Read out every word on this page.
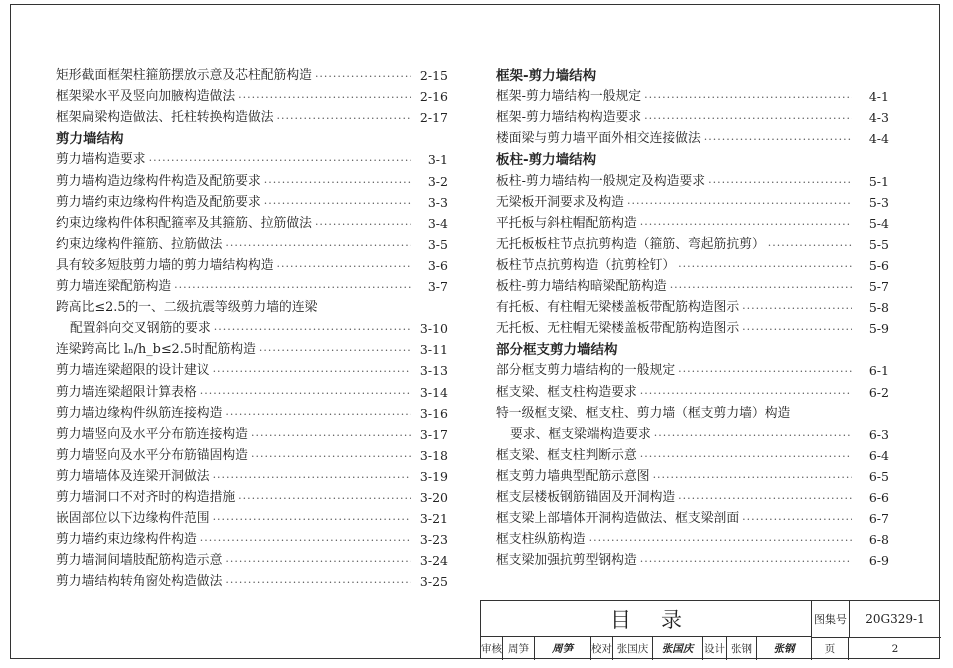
矩形截面框架柱箍筋摆放示意及芯柱配筋构造 ·····	2-15
框架梁水平及竖向加腋构造做法 ·····	2-16
框架扁梁构造做法、托柱转换构造做法 ·····	2-17
剪力墙结构
剪力墙构造要求 ·····	3-1
剪力墙构造边缘构件构造及配筋要求 ·····	3-2
剪力墙约束边缘构件构造及配筋要求 ·····	3-3
约束边缘构件体积配箍率及其箍筋、拉筋做法 ·····	3-4
约束边缘构件箍筋、拉筋做法 ·····	3-5
具有较多短肢剪力墙的剪力墙结构构造 ·····	3-6
剪力墙连梁配筋构造 ·····	3-7
跨高比≤2.5的一、二级抗震等级剪力墙的连梁
配置斜向交叉钢筋的要求 ·····	3-10
连梁跨高比 lₙ/h_b≤2.5时配筋构造 ·····	3-11
剪力墙连梁超限的设计建议 ·····	3-13
剪力墙连梁超限计算表格 ·····	3-14
剪力墙边缘构件纵筋连接构造 ·····	3-16
剪力墙竖向及水平分布筋连接构造 ·····	3-17
剪力墙竖向及水平分布筋锚固构造 ·····	3-18
剪力墙墙体及连梁开洞做法 ·····	3-19
剪力墙洞口不对齐时的构造措施 ·····	3-20
嵌固部位以下边缘构件范围 ·····	3-21
剪力墙约束边缘构件构造 ·····	3-23
剪力墙洞间墙肢配筋构造示意 ·····	3-24
剪力墙结构转角窗处构造做法 ·····	3-25
框架-剪力墙结构
框架-剪力墙结构一般规定 ·····	4-1
框架-剪力墙结构构造要求 ·····	4-3
楼面梁与剪力墙平面外相交连接做法 ·····	4-4
板柱-剪力墙结构
板柱-剪力墙结构一般规定及构造要求 ·····	5-1
无梁板开洞要求及构造 ·····	5-3
平托板与斜柱帽配筋构造 ·····	5-4
无托板板柱节点抗剪构造（箍筋、弯起筋抗剪） ·····	5-5
板柱节点抗剪构造（抗剪栓钉） ·····	5-6
板柱-剪力墙结构暗梁配筋构造 ·····	5-7
有托板、有柱帽无梁楼盖板带配筋构造图示 ·····	5-8
无托板、无柱帽无梁楼盖板带配筋构造图示 ·····	5-9
部分框支剪力墙结构
部分框支剪力墙结构的一般规定 ·····	6-1
框支梁、框支柱构造要求 ·····	6-2
特一级框支梁、框支柱、剪力墙（框支剪力墙）构造
要求、框支梁端构造要求 ·····	6-3
框支梁、框支柱判断示意 ·····	6-4
框支剪力墙典型配筋示意图 ·····	6-5
框支层楼板钢筋锚固及开洞构造 ·····	6-6
框支梁上部墙体开洞构造做法、框支梁剖面 ·····	6-7
框支柱纵筋构造 ·····	6-8
框支梁加强抗剪型钢构造 ·····	6-9
目录	图集号	20G329-1
审核 周笋	周笋	校对 张国庆	张国庆	设计 张钢	张钢	页	2
